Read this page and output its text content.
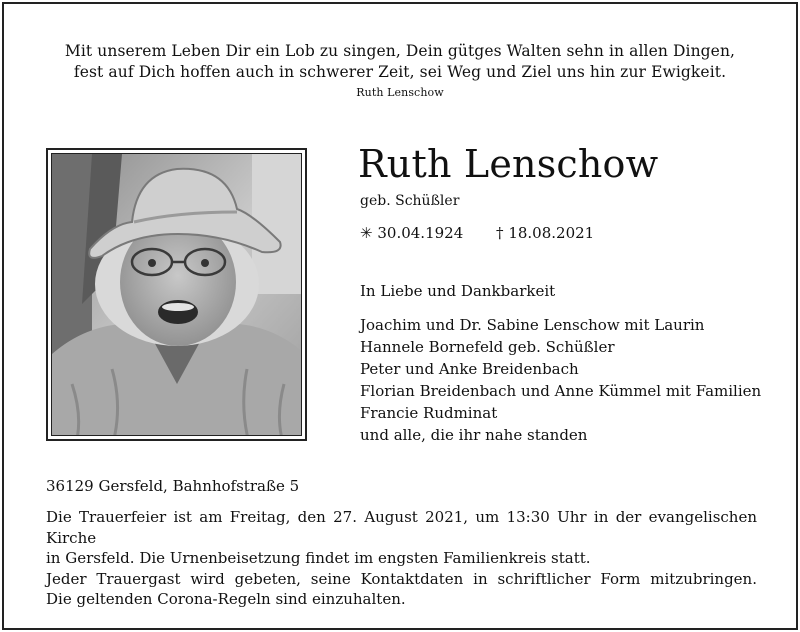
Mit unserem Leben Dir ein Lob zu singen, Dein gütges Walten sehn in allen Dingen,
fest auf Dich hoffen auch in schwerer Zeit, sei Weg und Ziel uns hin zur Ewigkeit.
Ruth Lenschow
Ruth Lenschow
geb. Schüßler
✳ 30.04.1924 † 18.08.2021
In Liebe und Dankbarkeit
Joachim und Dr. Sabine Lenschow mit Laurin
Hannele Bornefeld geb. Schüßler
Peter und Anke Breidenbach
Florian Breidenbach und Anne Kümmel mit Familien
Francie Rudminat
und alle, die ihr nahe standen
36129 Gersfeld, Bahnhofstraße 5
Die Trauerfeier ist am Freitag, den 27. August 2021, um 13:30 Uhr in der evangelischen Kirche
in Gersfeld. Die Urnenbeisetzung findet im engsten Familienkreis statt.
Jeder Trauergast wird gebeten, seine Kontaktdaten in schriftlicher Form mitzubringen.
Die geltenden Corona-Regeln sind einzuhalten.
